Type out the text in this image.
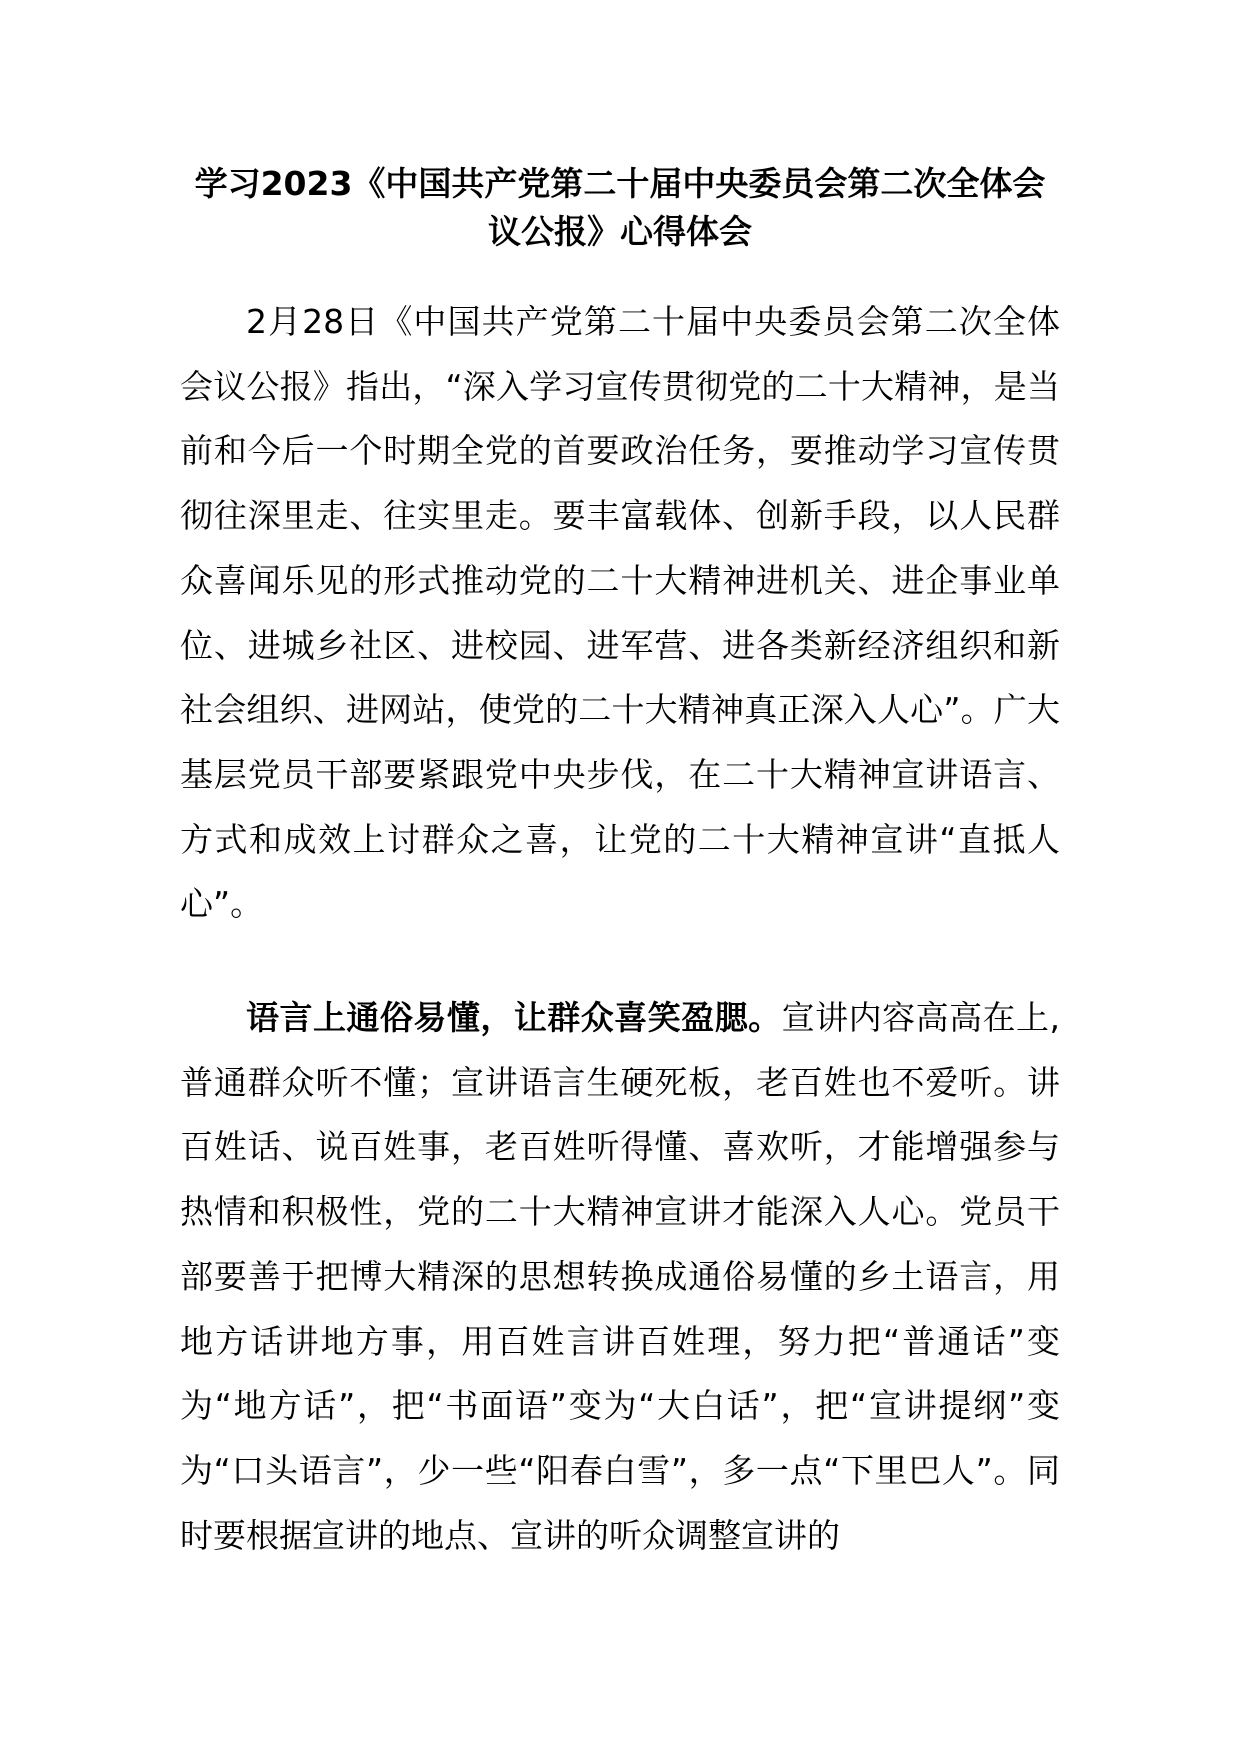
学习2023《中国共产党第二十届中央委员会第二次全体会议公报》心得体会

2月28日《中国共产党第二十届中央委员会第二次全体会议公报》指出，“深入学习宣传贯彻党的二十大精神，是当前和今后一个时期全党的首要政治任务，要推动学习宣传贯彻往深里走、往实里走。要丰富载体、创新手段，以人民群众喜闻乐见的形式推动党的二十大精神进机关、进企事业单位、进城乡社区、进校园、进军营、进各类新经济组织和新社会组织、进网站，使党的二十大精神真正深入人心”。广大基层党员干部要紧跟党中央步伐，在二十大精神宣讲语言、方式和成效上讨群众之喜，让党的二十大精神宣讲“直抵人心”。

语言上通俗易懂，让群众喜笑盈腮。宣讲内容高高在上,普通群众听不懂；宣讲语言生硬死板，老百姓也不爱听。讲百姓话、说百姓事，老百姓听得懂、喜欢听，才能增强参与热情和积极性，党的二十大精神宣讲才能深入人心。党员干部要善于把博大精深的思想转换成通俗易懂的乡土语言，用地方话讲地方事，用百姓言讲百姓理，努力把“普通话”变为“地方话”，把“书面语”变为“大白话”，把“宣讲提纲”变为“口头语言”，少一些“阳春白雪”，多一点“下里巴人”。同时要根据宣讲的地点、宣讲的听众调整宣讲的
